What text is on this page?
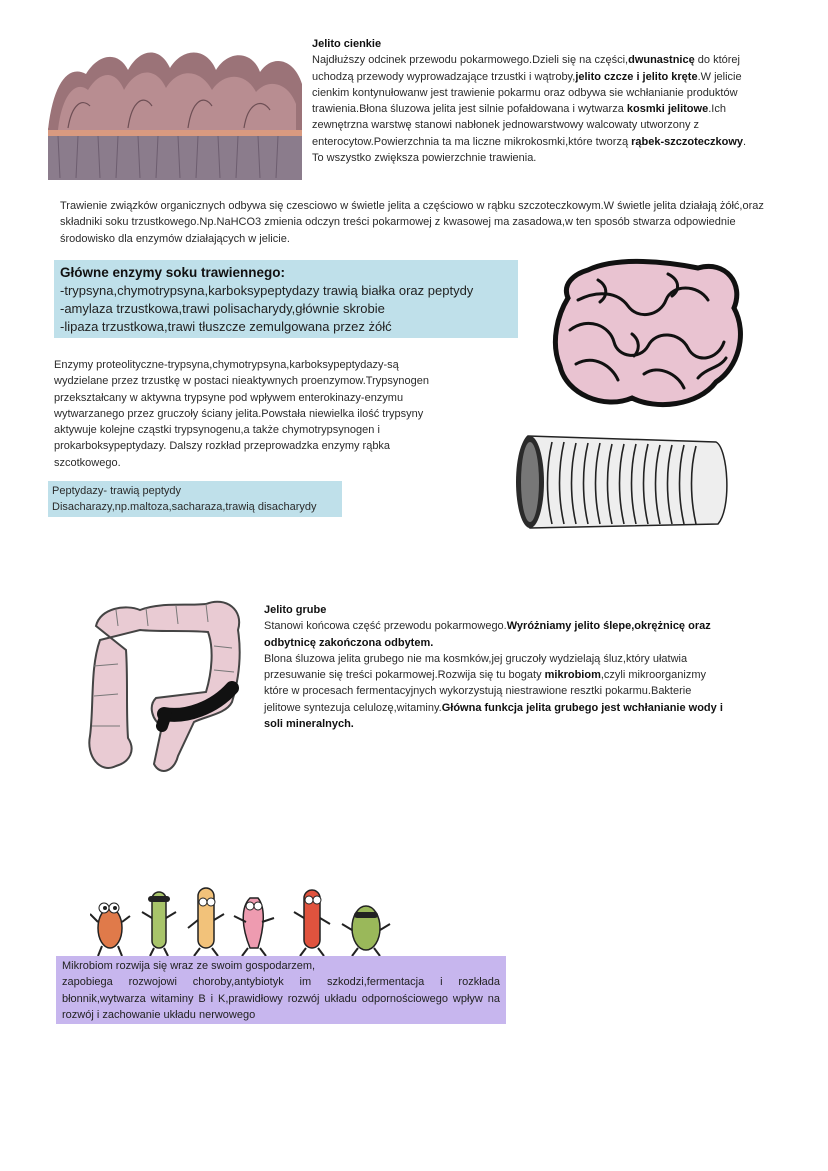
Jelito cienkie
Najdłuższy odcinek przewodu pokarmowego.Dzieli się na części,dwunastnicę do której uchodzą przewody wyprowadzające trzustki i wątroby,jelito czcze i jelito kręte.W jelicie cienkim kontynułowanw jest trawienie pokarmu oraz odbywa sie wchłanianie produktów trawienia.Błona śluzowa jelita jest silnie pofałdowana i wytwarza kosmki jelitowe.Ich zewnętrzna warstwę stanowi nabłonek jednowarstwowy walcowaty utworzony z enterocytow.Powierzchnia ta ma liczne mikrokosmki,które tworzą rąbek-szczoteczkowy.
To wszystko zwiększa powierzchnie trawienia.
Trawienie związków organicznych odbywa się czesciowo w świetle jelita a częściowo w rąbku szczoteczkowym.W świetle jelita działają żółć,oraz składniki soku trzustkowego.Np.NaHCO3 zmienia odczyn treści pokarmowej z kwasowej ma zasadowa,w ten sposób stwarza odpowiednie środowisko dla enzymów działających w jelicie.
Główne enzymy soku trawiennego:
-trypsyna,chymotrypsyna,karboksypeptydazy trawią białka oraz peptydy
-amylaza trzustkowa,trawi polisacharydy,głównie skrobie
-lipaza trzustkowa,trawi tłuszcze zemulgowana przez żółć
Enzymy proteolityczne-trypsyna,chymotrypsyna,karboksypeptydazy-są wydzielane przez trzustkę w postaci nieaktywnych proenzymow.Trypsynogen przekształcany w aktywna trypsyne pod wpływem enterokinazy-enzymu wytwarzanego przez gruczoły ściany jelita.Powstała niewielka ilość trypsyny aktywuje kolejne cząstki trypsynogenu,a także chymotrypsynogen i prokarboksypeptydazy. Dalszy rozkład przeprowadzka enzymy rąbka szcotkowego.
Peptydazy- trawią peptydy
Disacharazy,np.maltoza,sacharaza,trawią disacharydy
Jelito grube
Stanowi końcowa część przewodu pokarmowego.Wyróżniamy jelito ślepe,okrężnicę oraz odbytnicę zakończona odbytem.
Blona śluzowa jelita grubego nie ma kosmków,jej gruczoły wydzielają śluz,który ułatwia przesuwanie się treści pokarmowej.Rozwija się tu bogaty mikrobiom,czyli mikroorganizmy które w procesach fermentacyjnych wykorzystują niestrawione resztki pokarmu.Bakterie jelitowe syntezuja celulozę,witaminy.Główna funkcja jelita grubego jest wchłanianie wody i soli mineralnych.
Mikrobiom rozwija się wraz ze swoim gospodarzem,
zapobiega rozwojowi choroby,antybiotyk im szkodzi,fermentacja i rozkłada błonnik,wytwarza witaminy B i K,prawidłowy rozwój układu odpornościowego wpływ na rozwój i zachowanie układu nerwowego
